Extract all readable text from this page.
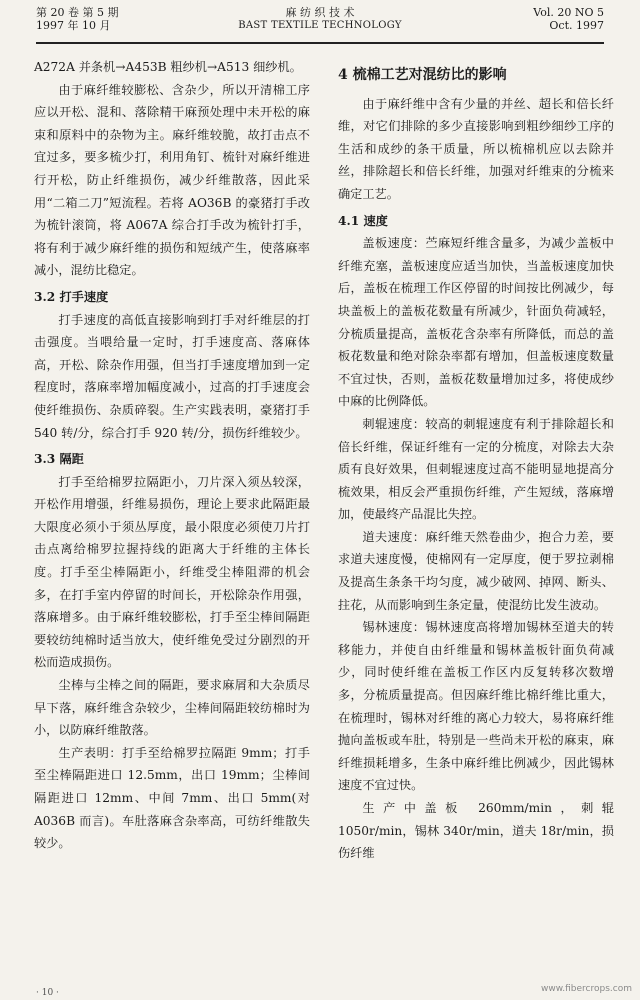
第 20 卷 第 5 期
1997 年 10 月
麻 纺 织 技 术
BAST TEXTILE TECHNOLOGY
Vol. 20 NO 5
Oct. 1997

A272A 并条机→A453B 粗纱机→A513 细纱机。

由于麻纤维较膨松、含杂少，所以开清棉工序应以开松、混和、落除精干麻预处理中未开松的麻束和原料中的杂物为主。麻纤维较脆，故打击点不宜过多，要多梳少打，利用角钉、梳针对麻纤维进行开松，防止纤维损伤，减少纤维散落，因此采用“二箱二刀”短流程。若将 AO36B 的豪猪打手改为梳针滚筒，将 A067A 综合打手改为梳针打手，将有利于减少麻纤维的损伤和短绒产生，使落麻率减小，混纺比稳定。

3.2 打手速度

打手速度的高低直接影响到打手对纤维层的打击强度。当喂给量一定时，打手速度高、落麻体高，开松、除杂作用强，但当打手速度增加到一定程度时，落麻率增加幅度减小，过高的打手速度会使纤维损伤、杂质碎裂。生产实践表明，豪猪打手 540 转/分，综合打手 920 转/分，损伤纤维较少。

3.3 隔距

打手至给棉罗拉隔距小，刀片深入须丛较深，开松作用增强，纤维易损伤，理论上要求此隔距最大限度必须小于须丛厚度，最小限度必须使刀片打击点离给棉罗拉握持线的距离大于纤维的主体长度。打手至尘棒隔距小，纤维受尘棒阻滞的机会多，在打手室内停留的时间长，开松除杂作用强，落麻增多。由于麻纤维较膨松，打手至尘棒间隔距要较纺纯棉时适当放大，使纤维免受过分剧烈的开松而造成损伤。

尘棒与尘棒之间的隔距，要求麻屑和大杂质尽早下落，麻纤维含杂较少，尘棒间隔距较纺棉时为小，以防麻纤维散落。

生产表明：打手至给棉罗拉隔距 9mm；打手至尘棒隔距进口 12.5mm，出口 19mm；尘棒间隔距进口 12mm、中间 7mm、出口 5mm(对 A036B 而言)。车肚落麻含杂率高，可纺纤维散失较少。

4 梳棉工艺对混纺比的影响

由于麻纤维中含有少量的并丝、超长和倍长纤维，对它们排除的多少直接影响到粗纱细纱工序的生活和成纱的条干质量，所以梳棉机应以去除并丝，排除超长和倍长纤维，加强对纤维束的分梳来确定工艺。

4.1 速度

盖板速度：苎麻短纤维含量多，为减少盖板中纤维充塞，盖板速度应适当加快，当盖板速度加快后，盖板在梳理工作区停留的时间按比例减少，每块盖板上的盖板花数量有所减少，针面负荷减轻，分梳质量提高，盖板花含杂率有所降低，而总的盖板花数量和绝对除杂率都有增加，但盖板速度数量不宜过快，否则，盖板花数量增加过多，将使成纱中麻的比例降低。

刺辊速度：较高的刺辊速度有利于排除超长和倍长纤维，保证纤维有一定的分梳度，对除去大杂质有良好效果，但刺辊速度过高不能明显地提高分梳效果，相反会严重损伤纤维，产生短绒，落麻增加，使最终产品混比失控。

道夫速度：麻纤维天然卷曲少，抱合力差，要求道夫速度慢，使棉网有一定厚度，便于罗拉剥棉及提高生条条干均匀度，减少破网、掉网、断头、拄花，从而影响到生条定量，使混纺比发生波动。

锡林速度：锡林速度高将增加锡林至道夫的转移能力，并使自由纤维量和锡林盖板针面负荷减少，同时使纤维在盖板工作区内反复转移次数增多，分梳质量提高。但因麻纤维比棉纤维比重大，在梳理时，锡林对纤维的离心力较大，易将麻纤维抛向盖板或车肚，特别是一些尚未开松的麻束，麻纤维损耗增多，生条中麻纤维比例减少，因此锡林速度不宜过快。

生产中盖板 260mm/min，刺辊 1050r/min，锡林 340r/min，道夫 18r/min，损伤纤维

· 10 ·	www.fibercrops.com
